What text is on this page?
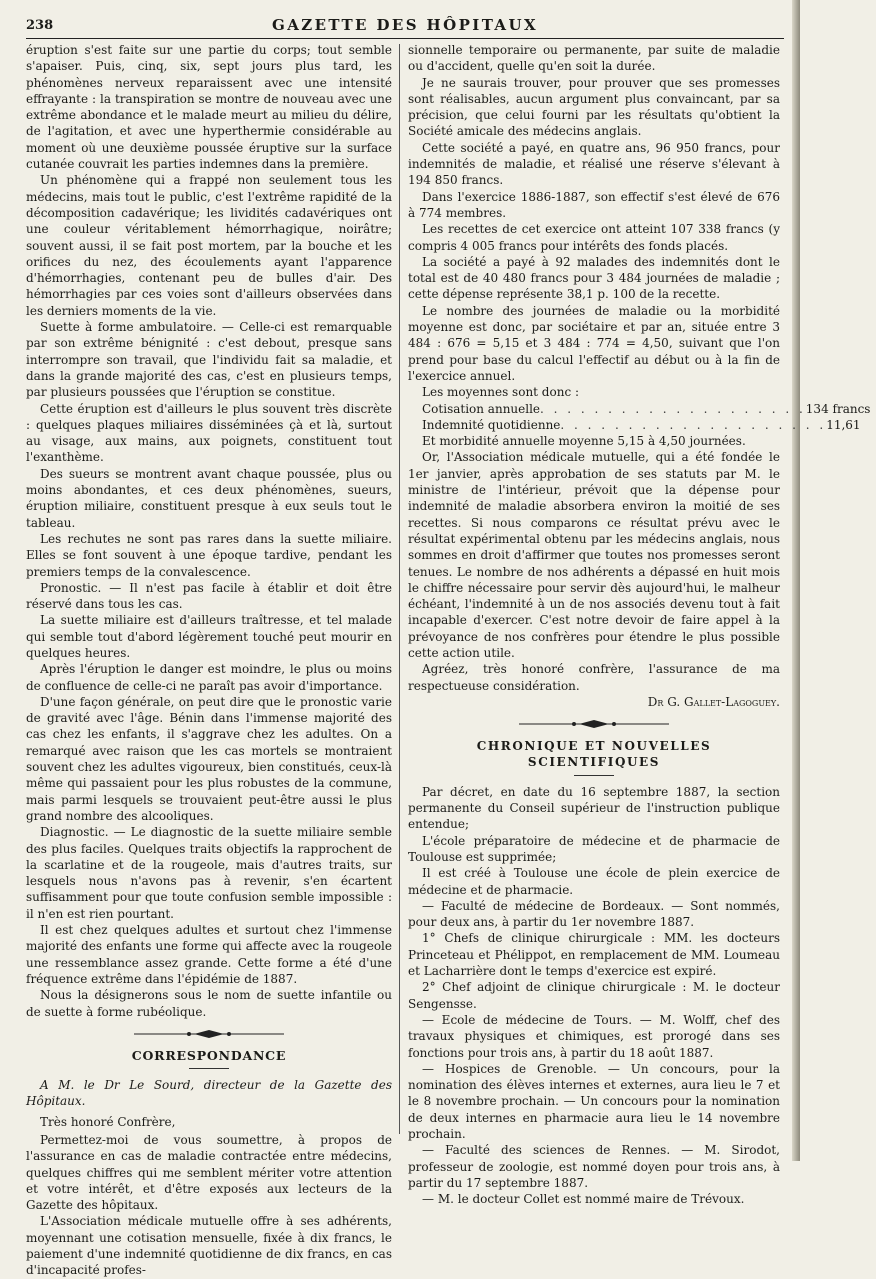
238	GAZETTE DES HÔPITAUX

éruption s'est faite sur une partie du corps; tout semble s'apaiser. Puis, cinq, six, sept jours plus tard, les phénomènes nerveux reparaissent avec une intensité effrayante : la transpiration se montre de nouveau avec une extrême abondance et le malade meurt au milieu du délire, de l'agitation, et avec une hyperthermie considérable au moment où une deuxième poussée éruptive sur la surface cutanée couvrait les parties indemnes dans la première.

Un phénomène qui a frappé non seulement tous les médecins, mais tout le public, c'est l'extrême rapidité de la décomposition cadavérique; les lividités cadavériques ont une couleur véritablement hémorrhagique, noirâtre; souvent aussi, il se fait post mortem, par la bouche et les orifices du nez, des écoulements ayant l'apparence d'hémorrhagies, contenant peu de bulles d'air. Des hémorrhagies par ces voies sont d'ailleurs observées dans les derniers moments de la vie.

Suette à forme ambulatoire. — Celle-ci est remarquable par son extrême bénignité : c'est debout, presque sans interrompre son travail, que l'individu fait sa maladie, et dans la grande majorité des cas, c'est en plusieurs temps, par plusieurs poussées que l'éruption se constitue.

Cette éruption est d'ailleurs le plus souvent très discrète : quelques plaques miliaires disséminées çà et là, surtout au visage, aux mains, aux poignets, constituent tout l'exanthème.

Des sueurs se montrent avant chaque poussée, plus ou moins abondantes, et ces deux phénomènes, sueurs, éruption miliaire, constituent presque à eux seuls tout le tableau.

Les rechutes ne sont pas rares dans la suette miliaire. Elles se font souvent à une époque tardive, pendant les premiers temps de la convalescence.

Pronostic. — Il n'est pas facile à établir et doit être réservé dans tous les cas.

La suette miliaire est d'ailleurs traîtresse, et tel malade qui semble tout d'abord légèrement touché peut mourir en quelques heures.

Après l'éruption le danger est moindre, le plus ou moins de confluence de celle-ci ne paraît pas avoir d'importance.

D'une façon générale, on peut dire que le pronostic varie de gravité avec l'âge. Bénin dans l'immense majorité des cas chez les enfants, il s'aggrave chez les adultes. On a remarqué avec raison que les cas mortels se montraient souvent chez les adultes vigoureux, bien constitués, ceux-là même qui passaient pour les plus robustes de la commune, mais parmi lesquels se trouvaient peut-être aussi le plus grand nombre des alcooliques.

Diagnostic. — Le diagnostic de la suette miliaire semble des plus faciles. Quelques traits objectifs la rapprochent de la scarlatine et de la rougeole, mais d'autres traits, sur lesquels nous n'avons pas à revenir, s'en écartent suffisamment pour que toute confusion semble impossible : il n'en est rien pourtant.

Il est chez quelques adultes et surtout chez l'immense majorité des enfants une forme qui affecte avec la rougeole une ressemblance assez grande. Cette forme a été d'une fréquence extrême dans l'épidémie de 1887.

Nous la désignerons sous le nom de suette infantile ou de suette à forme rubéolique.

CORRESPONDANCE

A M. le Dr Le Sourd, directeur de la Gazette des Hôpitaux.

Très honoré Confrère,

Permettez-moi de vous soumettre, à propos de l'assurance en cas de maladie contractée entre médecins, quelques chiffres qui me semblent mériter votre attention et votre intérêt, et d'être exposés aux lecteurs de la Gazette des hôpitaux.

L'Association médicale mutuelle offre à ses adhérents, moyennant une cotisation mensuelle, fixée à dix francs, le paiement d'une indemnité quotidienne de dix francs, en cas d'incapacité profes-

sionnelle temporaire ou permanente, par suite de maladie ou d'accident, quelle qu'en soit la durée.

Je ne saurais trouver, pour prouver que ses promesses sont réalisables, aucun argument plus convaincant, par sa précision, que celui fourni par les résultats qu'obtient la Société amicale des médecins anglais.

Cette société a payé, en quatre ans, 96 950 francs, pour indemnités de maladie, et réalisé une réserve s'élevant à 194 850 francs.

Dans l'exercice 1886-1887, son effectif s'est élevé de 676 à 774 membres.

Les recettes de cet exercice ont atteint 107 338 francs (y compris 4 005 francs pour intérêts des fonds placés.

La société a payé à 92 malades des indemnités dont le total est de 40 480 francs pour 3 484 journées de maladie ; cette dépense représente 38,1 p. 100 de la recette.

Le nombre des journées de maladie ou la morbidité moyenne est donc, par sociétaire et par an, située entre 3 484 : 676 = 5,15 et 3 484 : 774 = 4,50, suivant que l'on prend pour base du calcul l'effectif au début ou à la fin de l'exercice annuel.

Les moyennes sont donc :

Cotisation annuelle . . . . . . . . . . . . . . . . . . . . 134 francs
Indemnité quotidienne . . . . . . . . . . . . . . . . . . . . 11,61

Et morbidité annuelle moyenne 5,15 à 4,50 journées.

Or, l'Association médicale mutuelle, qui a été fondée le 1er janvier, après approbation de ses statuts par M. le ministre de l'intérieur, prévoit que la dépense pour indemnité de maladie absorbera environ la moitié de ses recettes. Si nous comparons ce résultat prévu avec le résultat expérimental obtenu par les médecins anglais, nous sommes en droit d'affirmer que toutes nos promesses seront tenues. Le nombre de nos adhérents a dépassé en huit mois le chiffre nécessaire pour servir dès aujourd'hui, le malheur échéant, l'indemnité à un de nos associés devenu tout à fait incapable d'exercer. C'est notre devoir de faire appel à la prévoyance de nos confrères pour étendre le plus possible cette action utile.

Agréez, très honoré confrère, l'assurance de ma respectueuse considération.

Dr G. Gallet-Lagoguey.

CHRONIQUE ET NOUVELLES SCIENTIFIQUES

Par décret, en date du 16 septembre 1887, la section permanente du Conseil supérieur de l'instruction publique entendue;

L'école préparatoire de médecine et de pharmacie de Toulouse est supprimée;

Il est créé à Toulouse une école de plein exercice de médecine et de pharmacie.

— Faculté de médecine de Bordeaux. — Sont nommés, pour deux ans, à partir du 1er novembre 1887.

1° Chefs de clinique chirurgicale : MM. les docteurs Princeteau et Phélippot, en remplacement de MM. Loumeau et Lacharrière dont le temps d'exercice est expiré.

2° Chef adjoint de clinique chirurgicale : M. le docteur Sengensse.

— Ecole de médecine de Tours. — M. Wolff, chef des travaux physiques et chimiques, est prorogé dans ses fonctions pour trois ans, à partir du 18 août 1887.

— Hospices de Grenoble. — Un concours, pour la nomination des élèves internes et externes, aura lieu le 7 et le 8 novembre prochain. — Un concours pour la nomination de deux internes en pharmacie aura lieu le 14 novembre prochain.

— Faculté des sciences de Rennes. — M. Sirodot, professeur de zoologie, est nommé doyen pour trois ans, à partir du 17 septembre 1887.

— M. le docteur Collet est nommé maire de Trévoux.
